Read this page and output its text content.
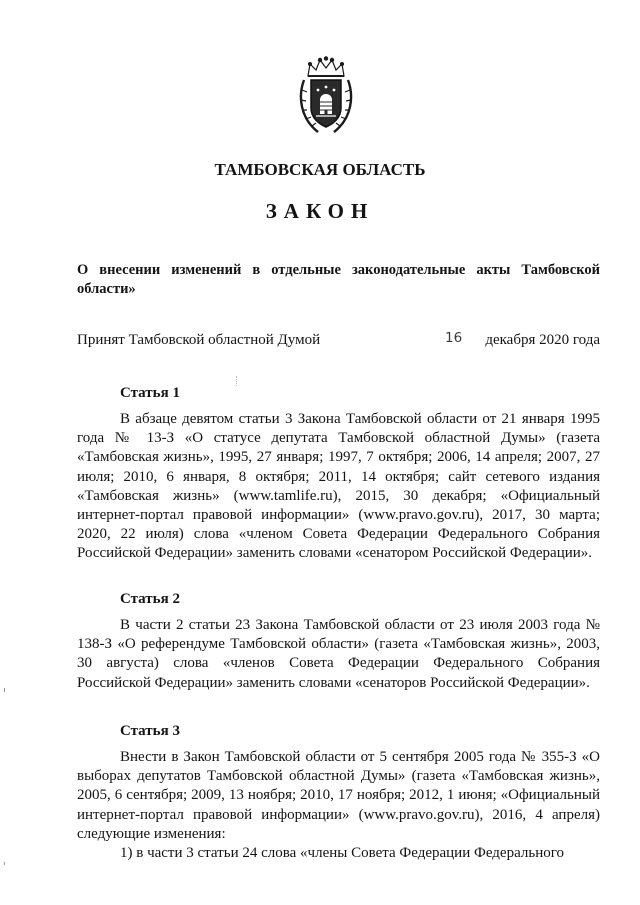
ТАМБОВСКАЯ ОБЛАСТЬ
ЗАКОН
О внесении изменений в отдельные законодательные акты Тамбовской области»
Принят Тамбовской областной Думой	16 декабря 2020 года
Статья 1

В абзаце девятом статьи 3 Закона Тамбовской области от 21 января 1995 года № 13-З «О статусе депутата Тамбовской областной Думы» (газета «Тамбовская жизнь», 1995, 27 января; 1997, 7 октября; 2006, 14 апреля; 2007, 27 июля; 2010, 6 января, 8 октября; 2011, 14 октября; сайт сетевого издания «Тамбовская жизнь» (www.tamlife.ru), 2015, 30 декабря; «Официальный интернет-портал правовой информации» (www.pravo.gov.ru), 2017, 30 марта; 2020, 22 июля) слова «членом Совета Федерации Федерального Собрания Российской Федерации» заменить словами «сенатором Российской Федерации».

Статья 2

В части 2 статьи 23 Закона Тамбовской области от 23 июля 2003 года № 138-З «О референдуме Тамбовской области» (газета «Тамбовская жизнь», 2003, 30 августа) слова «членов Совета Федерации Федерального Собрания Российской Федерации» заменить словами «сенаторов Российской Федерации».

Статья 3

Внести в Закон Тамбовской области от 5 сентября 2005 года № 355-З «О выборах депутатов Тамбовской областной Думы» (газета «Тамбовская жизнь», 2005, 6 сентября; 2009, 13 ноября; 2010, 17 ноября; 2012, 1 июня; «Официальный интернет-портал правовой информации» (www.pravo.gov.ru), 2016, 4 апреля) следующие изменения:

1) в части 3 статьи 24 слова «члены Совета Федерации Федерального
